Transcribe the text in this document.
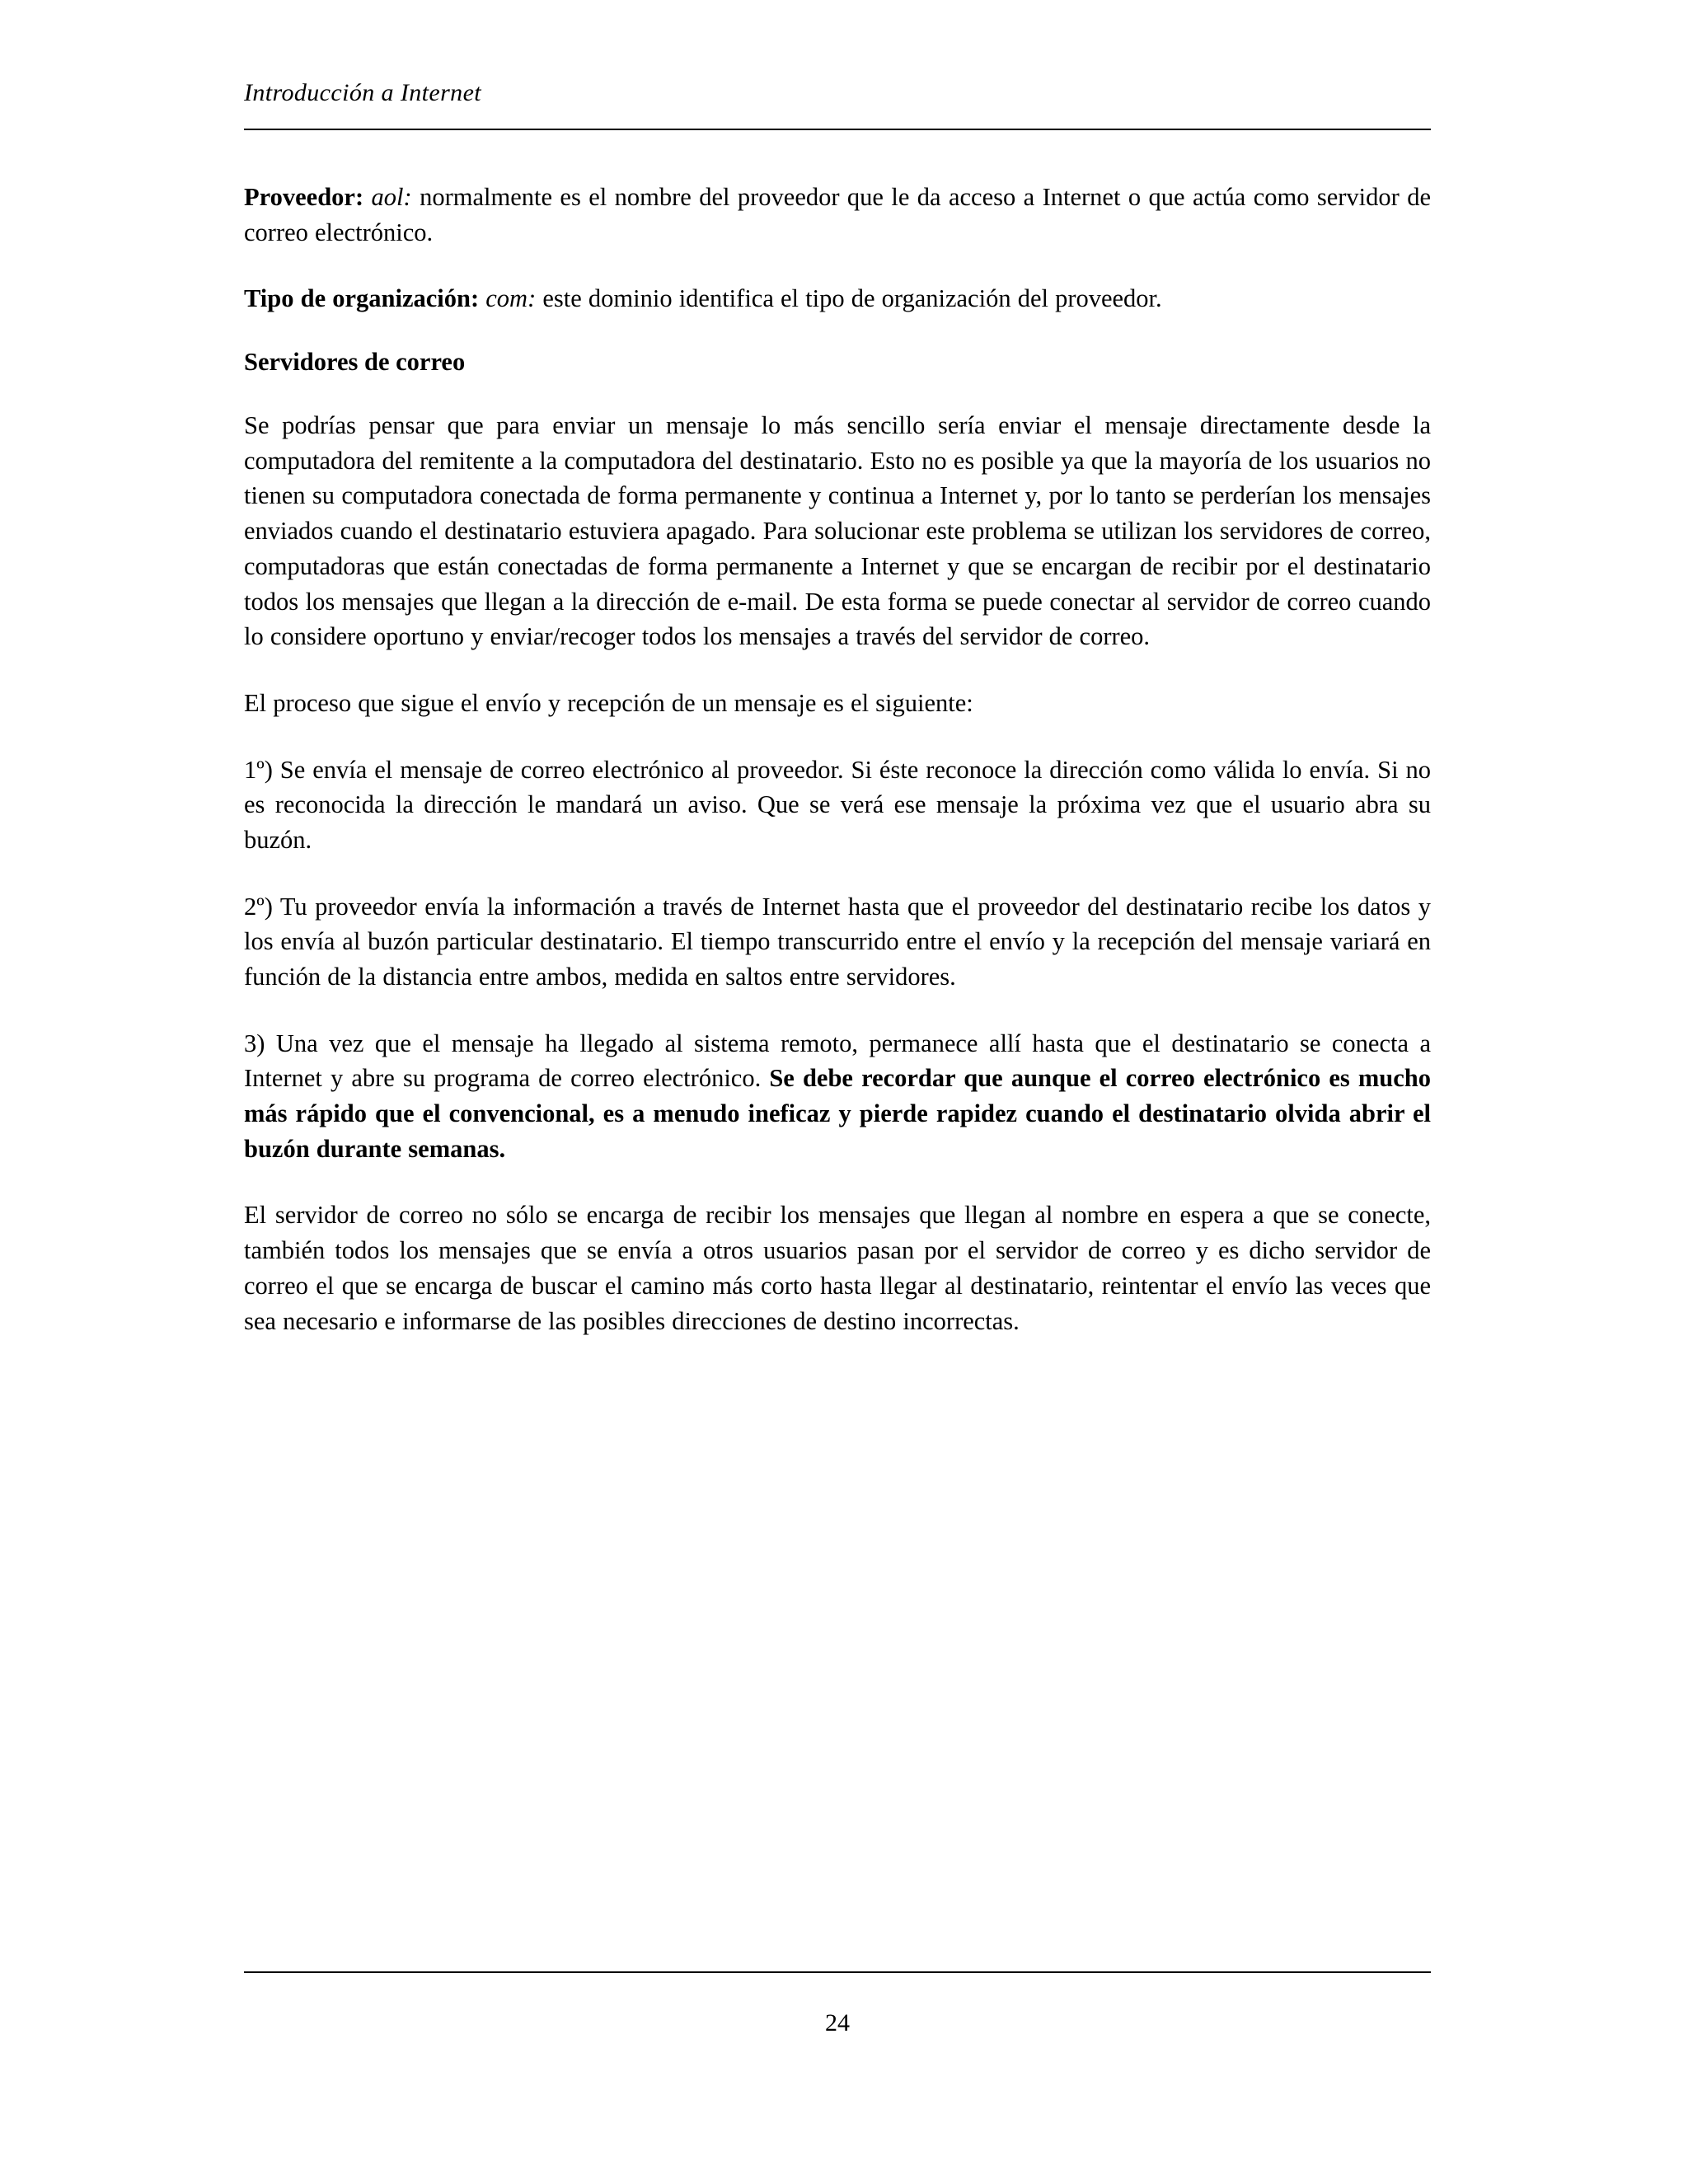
Introducción a Internet

Proveedor: aol: normalmente es el nombre del proveedor que le da acceso a Internet o que actúa como servidor de correo electrónico.

Tipo de organización: com: este dominio identifica el tipo de organización del proveedor.

Servidores de correo

Se podrías pensar que para enviar un mensaje lo más sencillo sería enviar el mensaje directamente desde la computadora del remitente a la computadora del destinatario. Esto no es posible ya que la mayoría de los usuarios no tienen su computadora conectada de forma permanente y continua a Internet y, por lo tanto se perderían los mensajes enviados cuando el destinatario estuviera apagado. Para solucionar este problema se utilizan los servidores de correo, computadoras que están conectadas de forma permanente a Internet y que se encargan de recibir por el destinatario todos los mensajes que llegan a la dirección de e-mail. De esta forma se puede conectar al servidor de correo cuando lo considere oportuno y enviar/recoger todos los mensajes a través del servidor de correo.

El proceso que sigue el envío y recepción de un mensaje es el siguiente:

1º) Se envía el mensaje de correo electrónico al proveedor. Si éste reconoce la dirección como válida lo envía. Si no es reconocida la dirección le mandará un aviso. Que se verá ese mensaje la próxima vez que el usuario abra su buzón.

2º) Tu proveedor envía la información a través de Internet hasta que el proveedor del destinatario recibe los datos y los envía al buzón particular destinatario. El tiempo transcurrido entre el envío y la recepción del mensaje variará en función de la distancia entre ambos, medida en saltos entre servidores.

3) Una vez que el mensaje ha llegado al sistema remoto, permanece allí hasta que el destinatario se conecta a Internet y abre su programa de correo electrónico. Se debe recordar que aunque el correo electrónico es mucho más rápido que el convencional, es a menudo ineficaz y pierde rapidez cuando el destinatario olvida abrir el buzón durante semanas.

El servidor de correo no sólo se encarga de recibir los mensajes que llegan al nombre en espera a que se conecte, también todos los mensajes que se envía a otros usuarios pasan por el servidor de correo y es dicho servidor de correo el que se encarga de buscar el camino más corto hasta llegar al destinatario, reintentar el envío las veces que sea necesario e informarse de las posibles direcciones de destino incorrectas.

24
